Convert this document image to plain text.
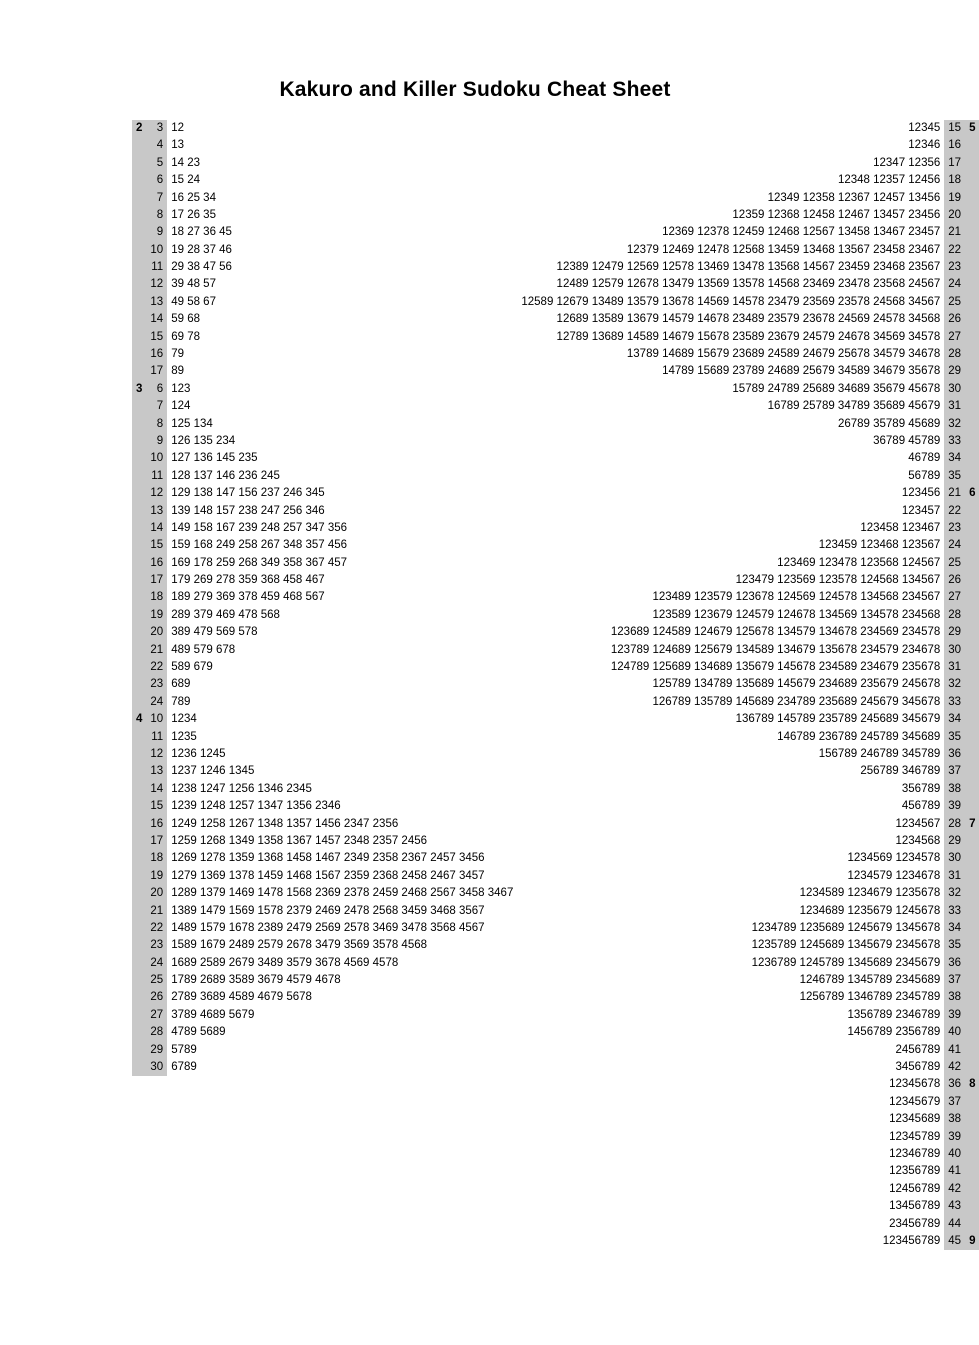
Kakuro and Killer Sudoku Cheat Sheet
2	3	12	12345	15	5
	4	13	12346	16	
	5	14 23	12347 12356	17	
	6	15 24	12348 12357 12456	18	
	7	16 25 34	12349 12358 12367 12457 13456	19	
	8	17 26 35	12359 12368 12458 12467 13457 23456	20	
	9	18 27 36 45	12369 12378 12459 12468 12567 13458 13467 23457	21	
	10	19 28 37 46	12379 12469 12478 12568 13459 13468 13567 23458 23467	22	
	11	29 38 47 56	12389 12479 12569 12578 13469 13478 13568 14567 23459 23468 23567	23	
	12	39 48 57	12489 12579 12678 13479 13569 13578 14568 23469 23478 23568 24567	24	
	13	49 58 67	12589 12679 13489 13579 13678 14569 14578 23479 23569 23578 24568 34567	25	
	14	59 68	12689 13589 13679 14579 14678 23489 23579 23678 24569 24578 34568	26	
	15	69 78	12789 13689 14589 14679 15678 23589 23679 24579 24678 34569 34578	27	
	16	79	13789 14689 15679 23689 24589 24679 25678 34579 34678	28	
	17	89	14789 15689 23789 24689 25679 34589 34679 35678	29	
3	6	123	15789 24789 25689 34689 35679 45678	30	
	7	124	16789 25789 34789 35689 45679	31	
	8	125 134	26789 35789 45689	32	
	9	126 135 234	36789 45789	33	
	10	127 136 145 235	46789	34	
	11	128 137 146 236 245	56789	35	
	12	129 138 147 156 237 246 345	123456	21	6
	13	139 148 157 238 247 256 346	123457	22	
	14	149 158 167 239 248 257 347 356	123458 123467	23	
	15	159 168 249 258 267 348 357 456	123459 123468 123567	24	
	16	169 178 259 268 349 358 367 457	123469 123478 123568 124567	25	
	17	179 269 278 359 368 458 467	123479 123569 123578 124568 134567	26	
	18	189 279 369 378 459 468 567	123489 123579 123678 124569 124578 134568 234567	27	
	19	289 379 469 478 568	123589 123679 124579 124678 134569 134578 234568	28	
	20	389 479 569 578	123689 124589 124679 125678 134579 134678 234569 234578	29	
	21	489 579 678	123789 124689 125679 134589 134679 135678 234579 234678	30	
	22	589 679	124789 125689 134689 135679 145678 234589 234679 235678	31	
	23	689	125789 134789 135689 145679 234689 235679 245678	32	
	24	789	126789 135789 145689 234789 235689 245679 345678	33	
4	10	1234	136789 145789 235789 245689 345679	34	
	11	1235	146789 236789 245789 345689	35	
	12	1236 1245	156789 246789 345789	36	
	13	1237 1246 1345	256789 346789	37	
	14	1238 1247 1256 1346 2345	356789	38	
	15	1239 1248 1257 1347 1356 2346	456789	39	
	16	1249 1258 1267 1348 1357 1456 2347 2356	1234567	28	7
	17	1259 1268 1349 1358 1367 1457 2348 2357 2456	1234568	29	
	18	1269 1278 1359 1368 1458 1467 2349 2358 2367 2457 3456	1234569 1234578	30	
	19	1279 1369 1378 1459 1468 1567 2359 2368 2458 2467 3457	1234579 1234678	31	
	20	1289 1379 1469 1478 1568 2369 2378 2459 2468 2567 3458 3467	1234589 1234679 1235678	32	
	21	1389 1479 1569 1578 2379 2469 2478 2568 3459 3468 3567	1234689 1235679 1245678	33	
	22	1489 1579 1678 2389 2479 2569 2578 3469 3478 3568 4567	1234789 1235689 1245679 1345678	34	
	23	1589 1679 2489 2579 2678 3479 3569 3578 4568	1235789 1245689 1345679 2345678	35	
	24	1689 2589 2679 3489 3579 3678 4569 4578	1236789 1245789 1345689 2345679	36	
	25	1789 2689 3589 3679 4579 4678	1246789 1345789 2345689	37	
	26	2789 3689 4589 4679 5678	1256789 1346789 2345789	38	
	27	3789 4689 5679	1356789 2346789	39	
	28	4789 5689	1456789 2356789	40	
	29	5789	2456789	41	
	30	6789	3456789	42	
			12345678	36	8
			12345679	37	
			12345689	38	
			12345789	39	
			12346789	40	
			12356789	41	
			12456789	42	
			13456789	43	
			23456789	44	
			123456789	45	9
